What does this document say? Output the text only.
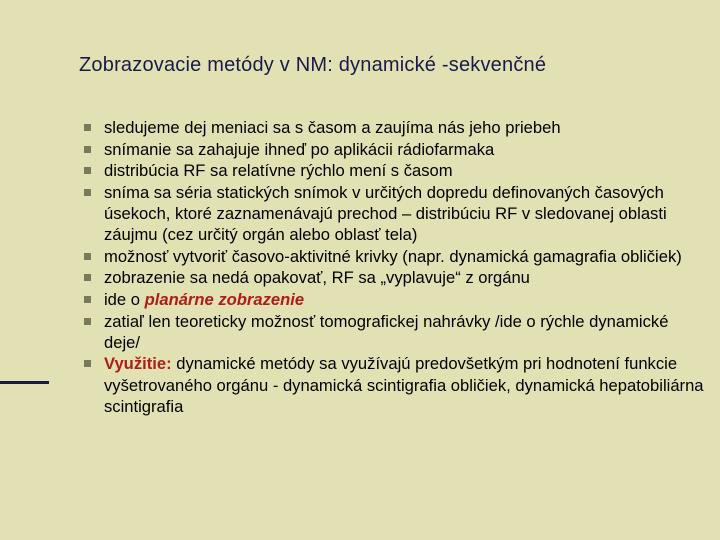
Zobrazovacie metódy v NM: dynamické -sekvenčné
sledujeme dej meniaci sa s časom a zaujíma nás jeho priebeh
snímanie sa zahajuje ihneď po aplikácii rádiofarmaka
distribúcia RF sa relatívne rýchlo mení s časom
sníma sa séria statických snímok v určitých dopredu definovaných časových úsekoch, ktoré zaznamenávajú prechod – distribúciu RF v sledovanej oblasti záujmu (cez určitý orgán alebo oblasť tela)
možnosť vytvoriť časovo-aktivitné krivky (napr. dynamická gamagrafia obličiek)
zobrazenie sa nedá opakovať, RF sa „vyplavuje“ z orgánu
ide o planárne zobrazenie
zatiaľ len teoreticky možnosť tomografickej nahrávky /ide o rýchle dynamické deje/
Využitie: dynamické metódy sa využívajú predovšetkým pri hodnotení funkcie vyšetrovaného orgánu - dynamická scintigrafia obličiek, dynamická hepatobiliárna scintigrafia
